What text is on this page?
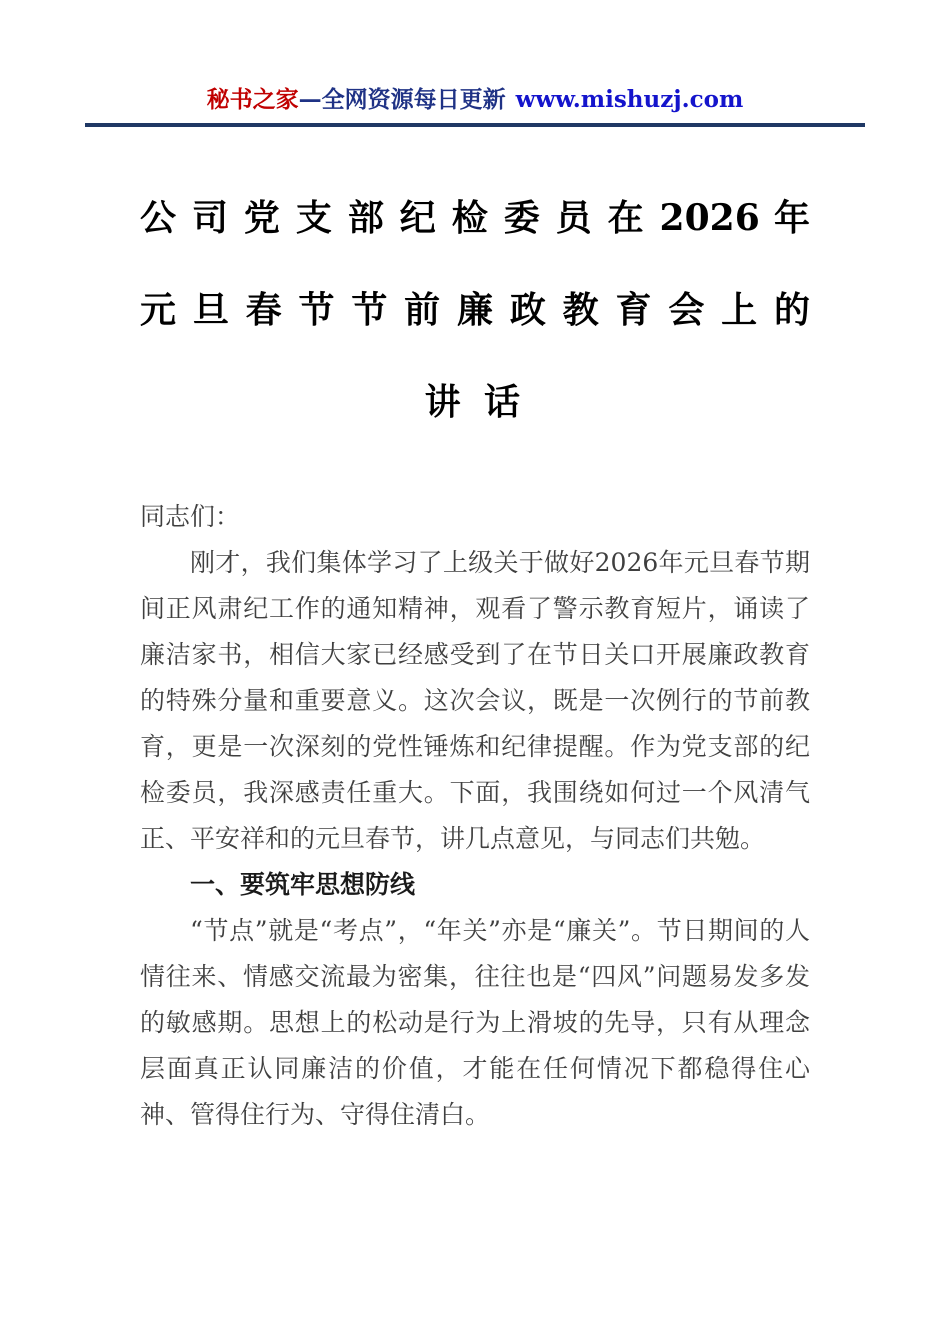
秘书之家—全网资源每日更新 www.mishuzj.com
公 司 党 支 部 纪 检 委 员 在 2026 年
元 旦 春 节 节 前 廉 政 教 育 会 上 的
讲 话

同志们：

刚才，我们集体学习了上级关于做好2026年元旦春节期间正风肃纪工作的通知精神，观看了警示教育短片，诵读了廉洁家书，相信大家已经感受到了在节日关口开展廉政教育的特殊分量和重要意义。这次会议，既是一次例行的节前教育，更是一次深刻的党性锤炼和纪律提醒。作为党支部的纪检委员，我深感责任重大。下面，我围绕如何过一个风清气正、平安祥和的元旦春节，讲几点意见，与同志们共勉。

一、要筑牢思想防线

“节点”就是“考点”，“年关”亦是“廉关”。节日期间的人情往来、情感交流最为密集，往往也是“四风”问题易发多发的敏感期。思想上的松动是行为上滑坡的先导，只有从理念层面真正认同廉洁的价值，才能在任何情况下都稳得住心神、管得住行为、守得住清白。
